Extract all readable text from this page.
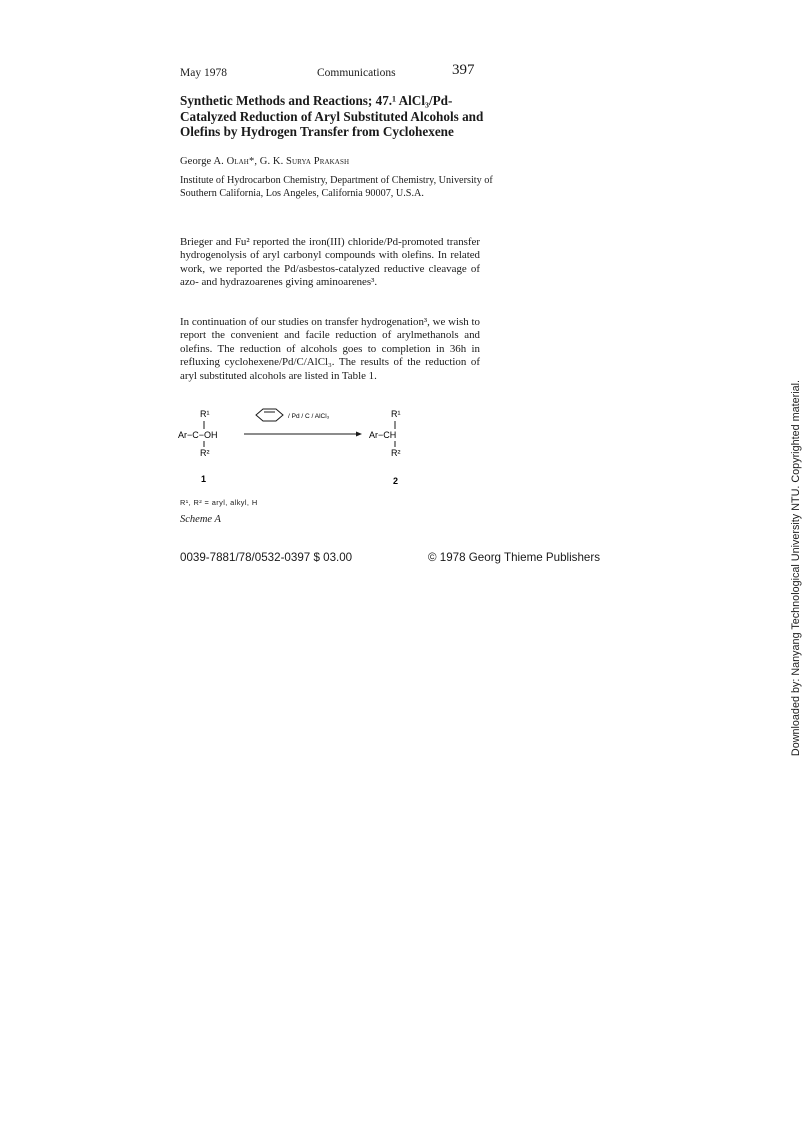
May 1978	Communications	397
Synthetic Methods and Reactions; 47.¹ AlCl₃/Pd-Catalyzed Reduction of Aryl Substituted Alcohols and Olefins by Hydrogen Transfer from Cyclohexene
George A. Olah*, G. K. Surya Prakash
Institute of Hydrocarbon Chemistry, Department of Chemistry, University of Southern California, Los Angeles, California 90007, U.S.A.
Brieger and Fu² reported the iron(III) chloride/Pd-promoted transfer hydrogenolysis of aryl carbonyl compounds with olefins. In related work, we reported the Pd/asbestos-catalyzed reductive cleavage of azo- and hydrazoarenes giving aminoarenes³.
In continuation of our studies on transfer hydrogenation³, we wish to report the convenient and facile reduction of arylmethanols and olefins. The reduction of alcohols goes to completion in 36h in refluxing cyclohexene/Pd/C/AlCl₃. The results of the reduction of aryl substituted alcohols are listed in Table 1.
R¹
Ar−C−OH
R²
/ Pd / C / AlCl₃	R¹
Ar−CH
R²
1	2
R¹, R² = aryl, alkyl, H
Scheme A
0039-7881/78/0532-0397 $ 03.00	© 1978 Georg Thieme Publishers	Downloaded by: Nanyang Technological University NTU. Copyrighted material.
